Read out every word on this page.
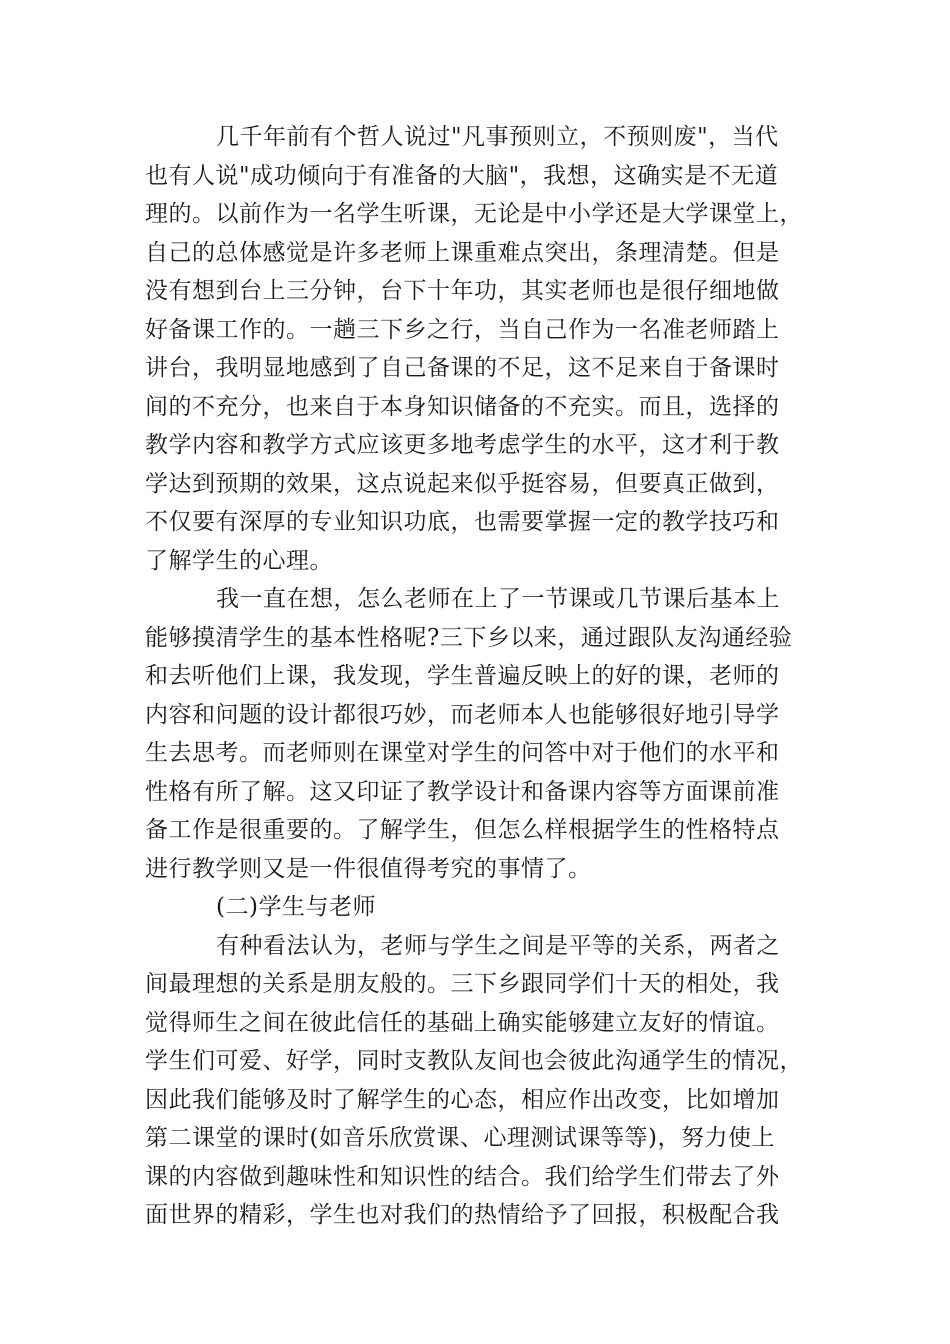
几千年前有个哲人说过"凡事预则立，不预则废"，当代
也有人说"成功倾向于有准备的大脑"，我想，这确实是不无道
理的。以前作为一名学生听课，无论是中小学还是大学课堂上，
自己的总体感觉是许多老师上课重难点突出，条理清楚。但是
没有想到台上三分钟，台下十年功，其实老师也是很仔细地做
好备课工作的。一趟三下乡之行，当自己作为一名准老师踏上
讲台，我明显地感到了自己备课的不足，这不足来自于备课时
间的不充分，也来自于本身知识储备的不充实。而且，选择的
教学内容和教学方式应该更多地考虑学生的水平，这才利于教
学达到预期的效果，这点说起来似乎挺容易，但要真正做到，
不仅要有深厚的专业知识功底，也需要掌握一定的教学技巧和
了解学生的心理。
我一直在想，怎么老师在上了一节课或几节课后基本上
能够摸清学生的基本性格呢?三下乡以来，通过跟队友沟通经验
和去听他们上课，我发现，学生普遍反映上的好的课，老师的
内容和问题的设计都很巧妙，而老师本人也能够很好地引导学
生去思考。而老师则在课堂对学生的问答中对于他们的水平和
性格有所了解。这又印证了教学设计和备课内容等方面课前准
备工作是很重要的。了解学生，但怎么样根据学生的性格特点
进行教学则又是一件很值得考究的事情了。
(二)学生与老师
有种看法认为，老师与学生之间是平等的关系，两者之
间最理想的关系是朋友般的。三下乡跟同学们十天的相处，我
觉得师生之间在彼此信任的基础上确实能够建立友好的情谊。
学生们可爱、好学，同时支教队友间也会彼此沟通学生的情况，
因此我们能够及时了解学生的心态，相应作出改变，比如增加
第二课堂的课时(如音乐欣赏课、心理测试课等等)，努力使上
课的内容做到趣味性和知识性的结合。我们给学生们带去了外
面世界的精彩，学生也对我们的热情给予了回报，积极配合我
